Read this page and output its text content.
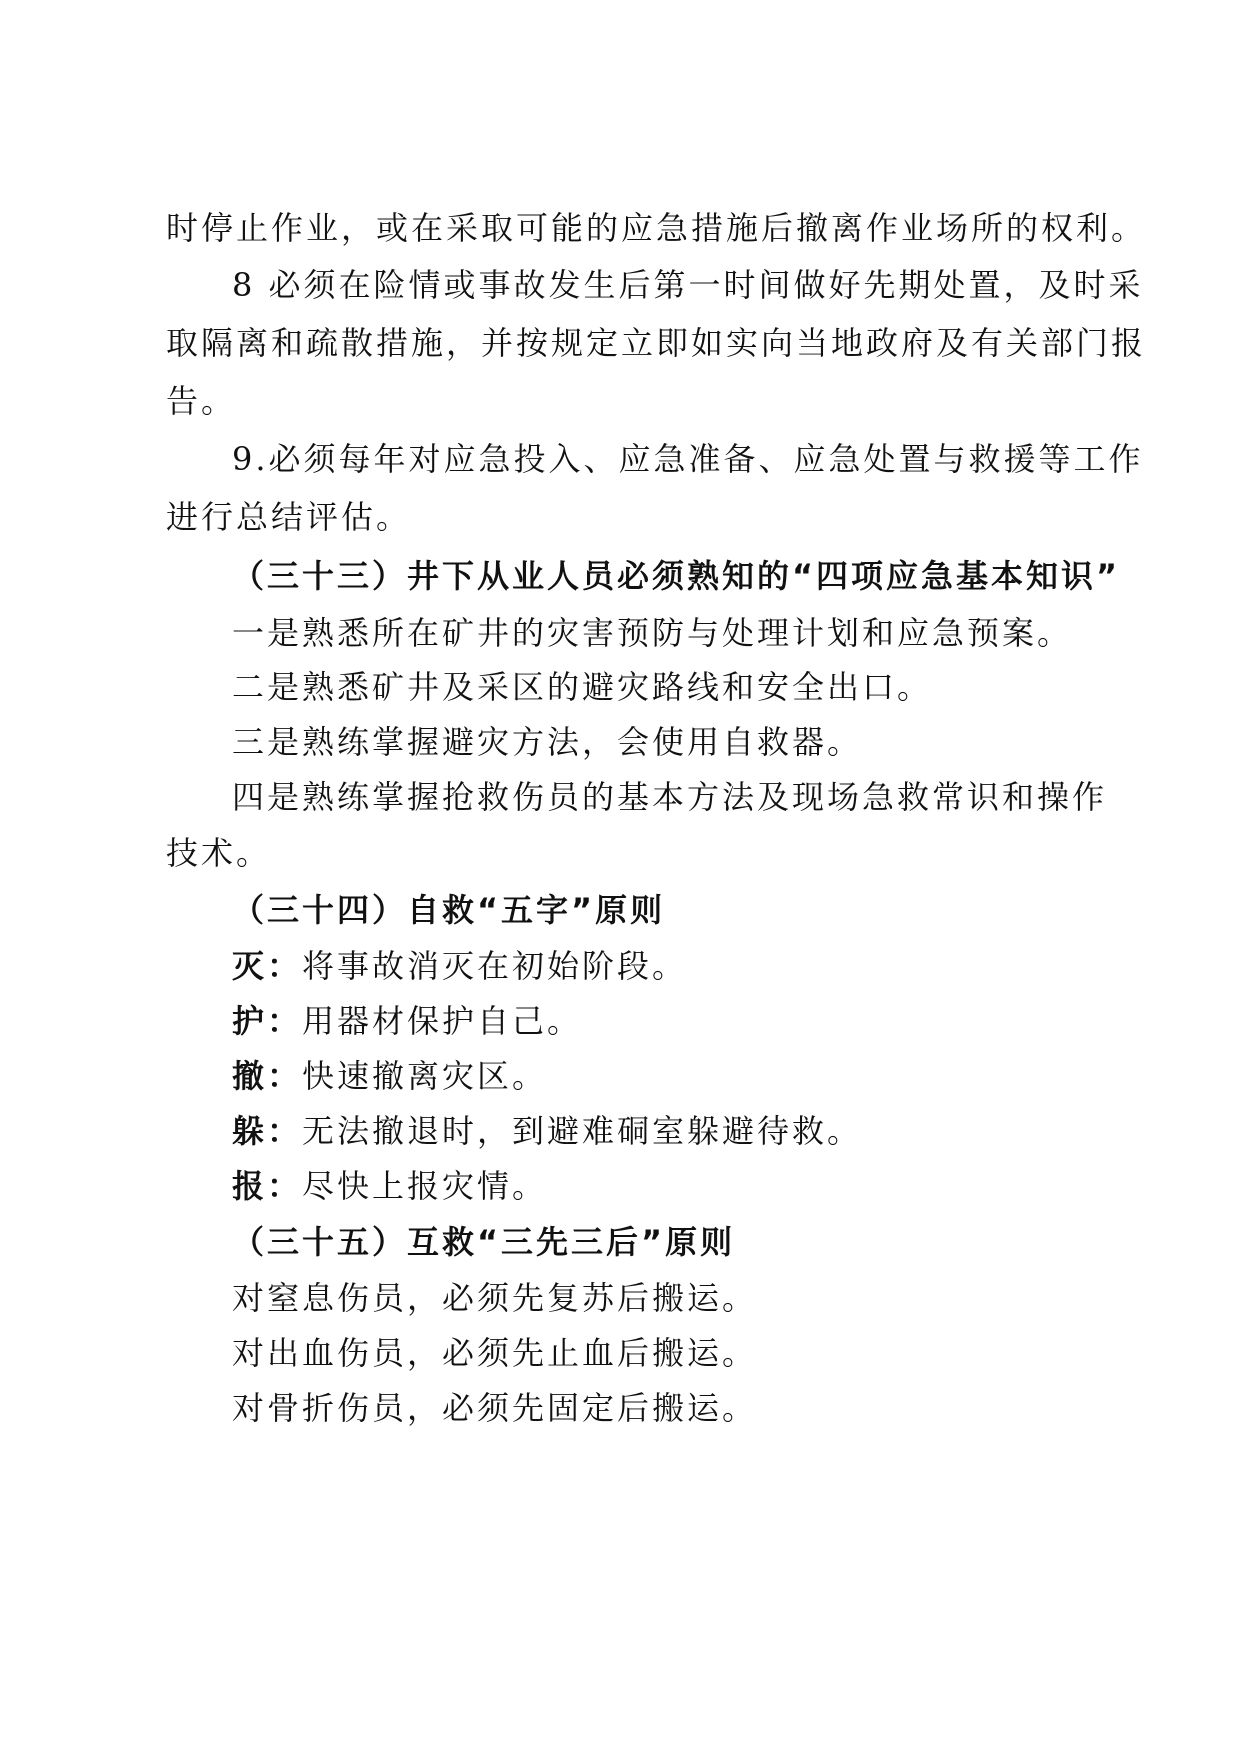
时停止作业，或在采取可能的应急措施后撤离作业场所的权利。
8 必须在险情或事故发生后第一时间做好先期处置，及时采
取隔离和疏散措施，并按规定立即如实向当地政府及有关部门报
告。
9.必须每年对应急投入、应急准备、应急处置与救援等工作
进行总结评估。
（三十三）井下从业人员必须熟知的“四项应急基本知识”
一是熟悉所在矿井的灾害预防与处理计划和应急预案。
二是熟悉矿井及采区的避灾路线和安全出口。
三是熟练掌握避灾方法，会使用自救器。
四是熟练掌握抢救伤员的基本方法及现场急救常识和操作
技术。
（三十四）自救“五字”原则
灭：将事故消灭在初始阶段。
护：用器材保护自己。
撤：快速撤离灾区。
躲：无法撤退时，到避难硐室躲避待救。
报：尽快上报灾情。
（三十五）互救“三先三后”原则
对窒息伤员，必须先复苏后搬运。
对出血伤员，必须先止血后搬运。
对骨折伤员，必须先固定后搬运。
